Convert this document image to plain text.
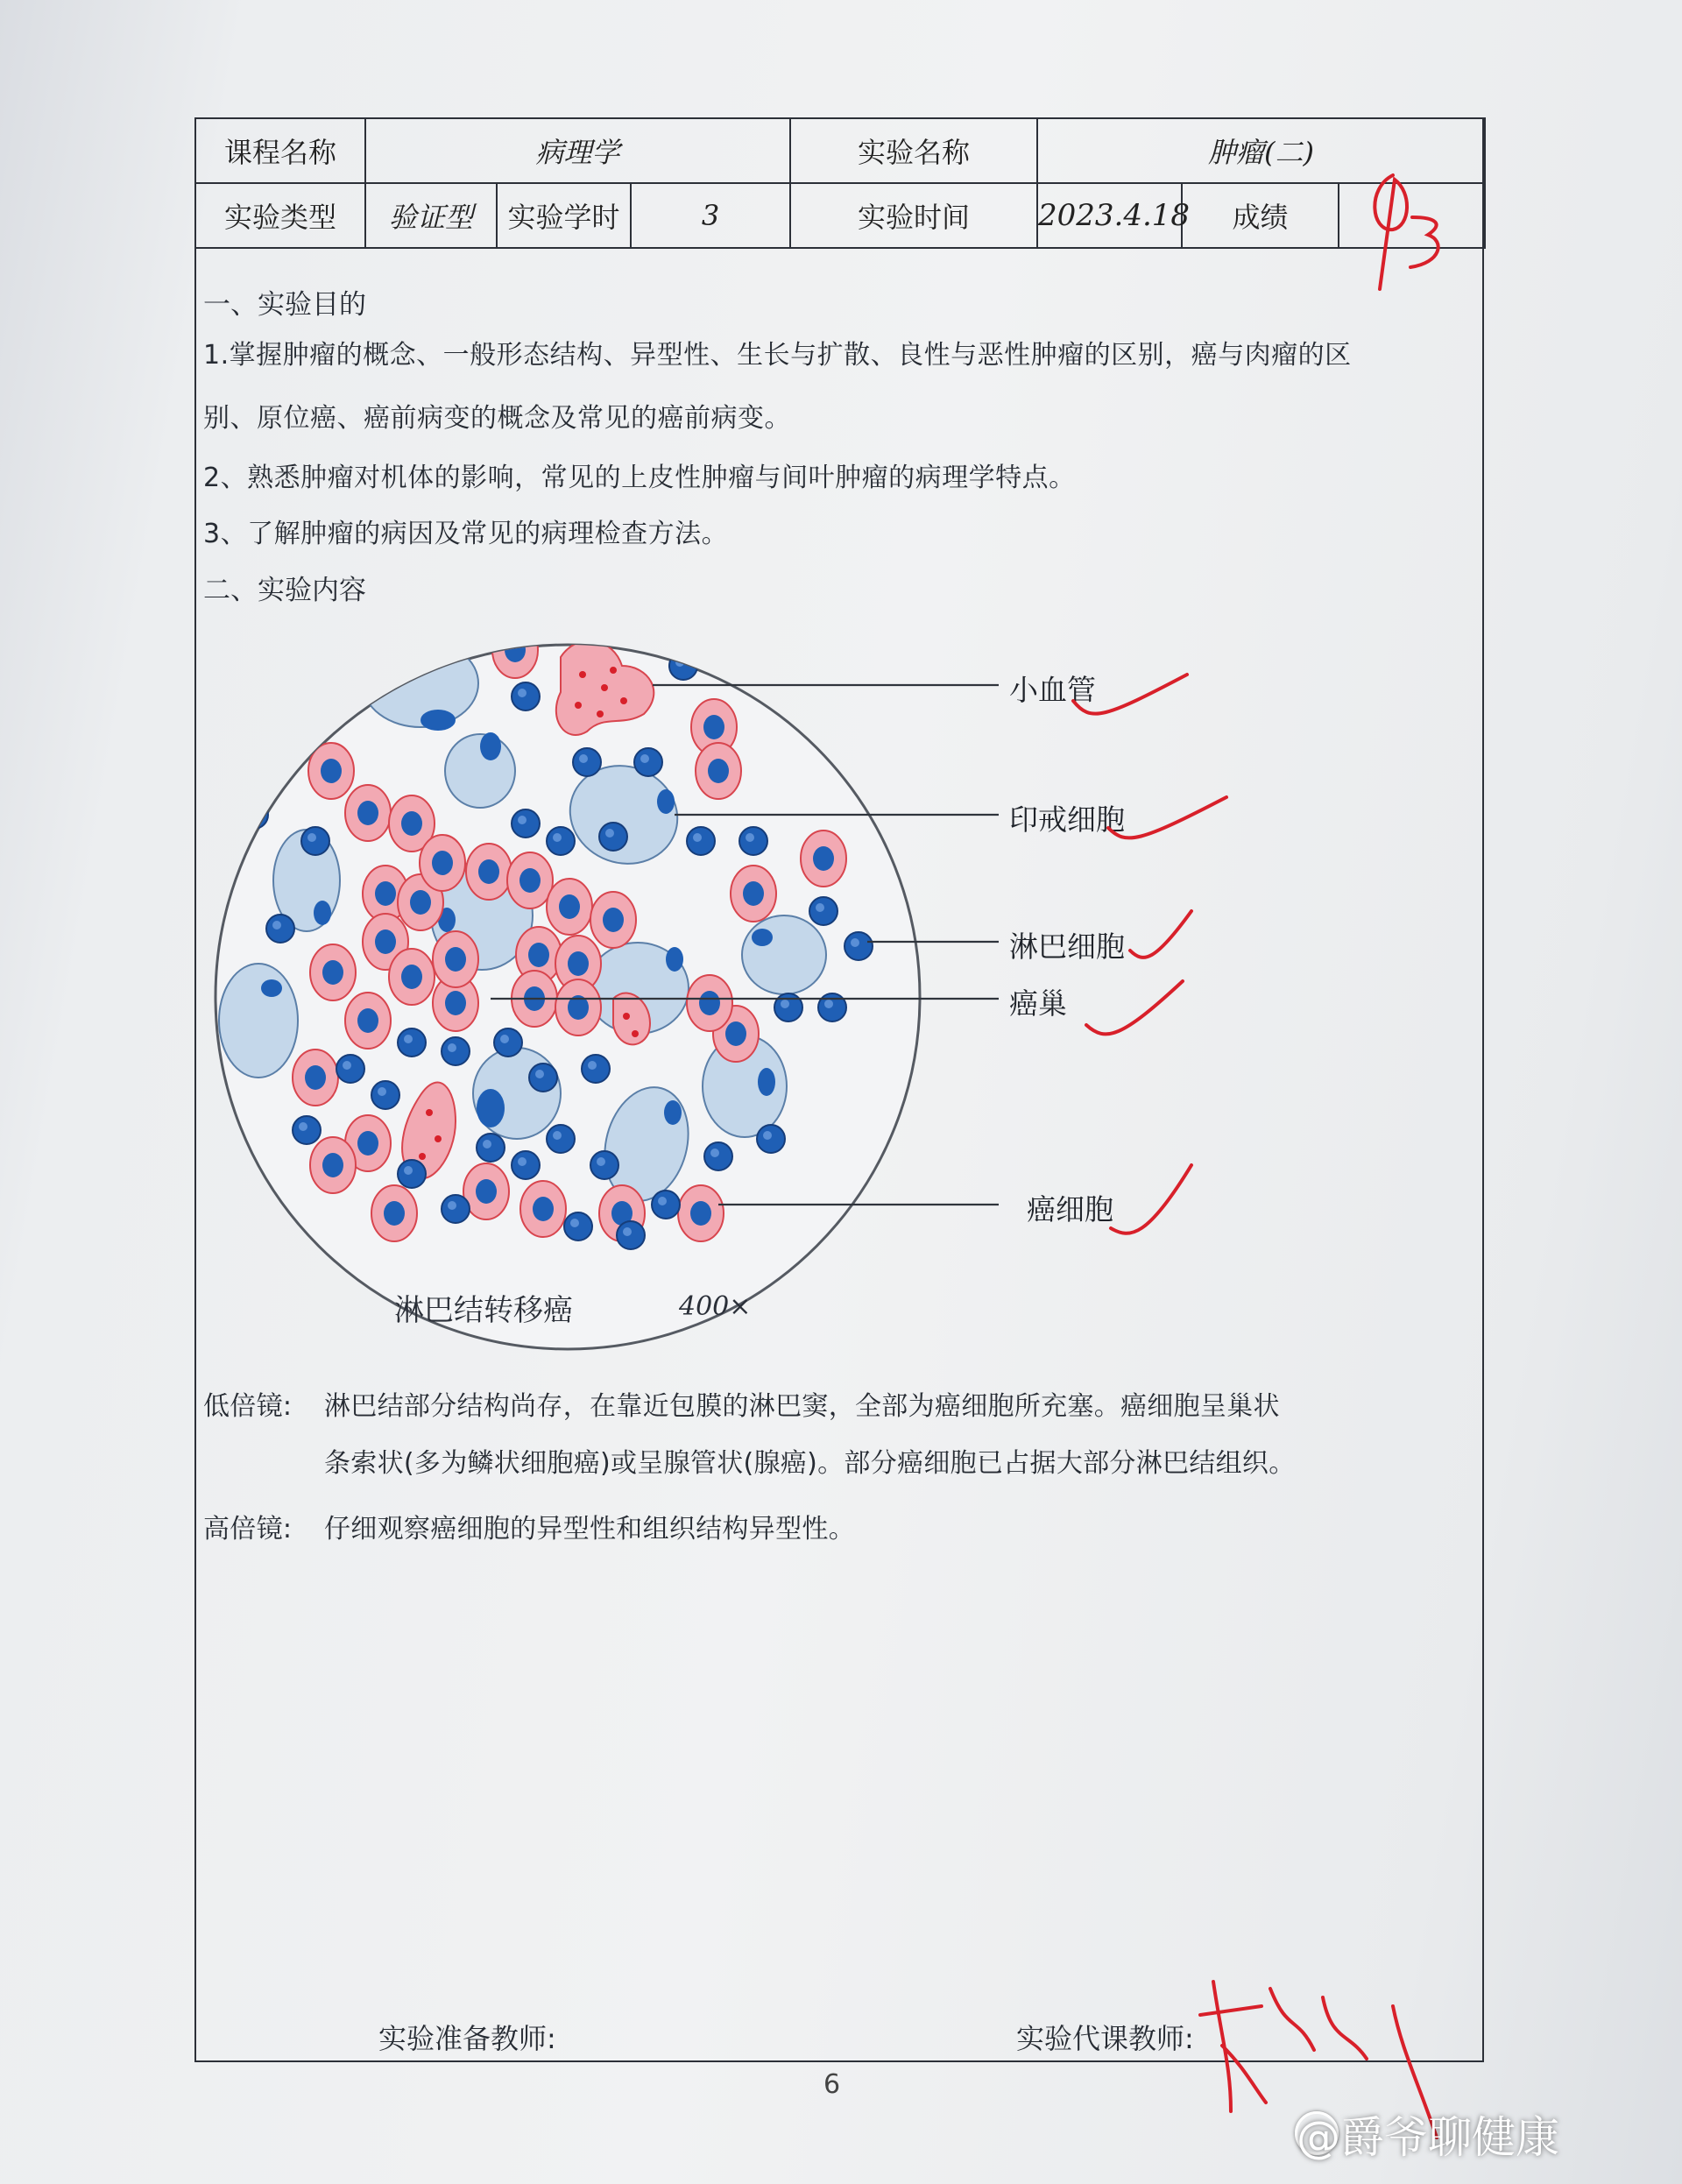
课程名称	病理学			实验名称	肿瘤(二)		
实验类型	验证型	实验学时	3	实验时间	2023.4.18	成绩	
一、实验目的
1.掌握肿瘤的概念、一般形态结构、异型性、生长与扩散、良性与恶性肿瘤的区别，癌与肉瘤的区
别、原位癌、癌前病变的概念及常见的癌前病变。
2、熟悉肿瘤对机体的影响，常见的上皮性肿瘤与间叶肿瘤的病理学特点。
3、了解肿瘤的病因及常见的病理检查方法。
二、实验内容
小血管
印戒细胞
淋巴细胞
癌巢
癌细胞
淋巴结转移癌	400×
低倍镜: 淋巴结部分结构尚存，在靠近包膜的淋巴窦，全部为癌细胞所充塞。癌细胞呈巢状
条索状(多为鳞状细胞癌)或呈腺管状(腺癌)。部分癌细胞已占据大部分淋巴结组织。
高倍镜: 仔细观察癌细胞的异型性和组织结构异型性。
实验准备教师:	实验代课教师:
6
@爵爷聊健康
